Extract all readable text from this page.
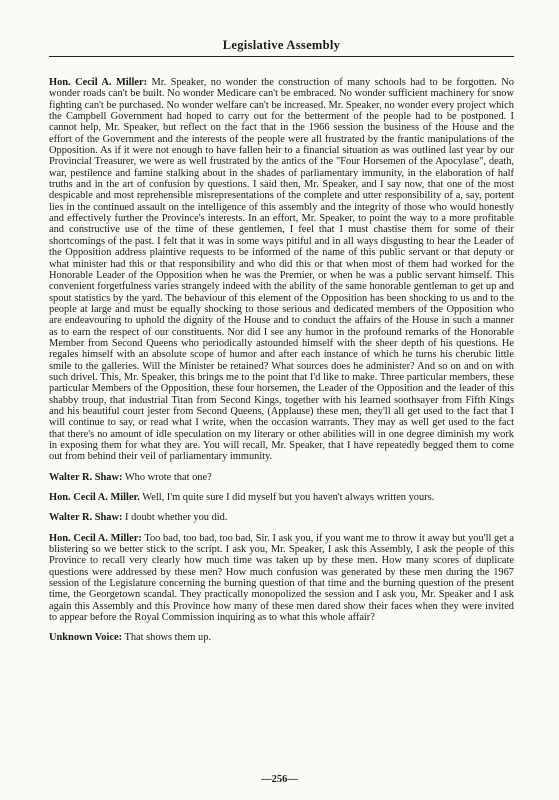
Legislative Assembly

Hon. Cecil A. Miller: Mr. Speaker, no wonder the construction of many schools had to be forgotten. No wonder roads can't be built. No wonder Medicare can't be embraced. No wonder sufficient machinery for snow fighting can't be purchased. No wonder welfare can't be increased. Mr. Speaker, no wonder every project which the Campbell Government had hoped to carry out for the betterment of the people had to be postponed. I cannot help, Mr. Speaker, but reflect on the fact that in the 1966 session the business of the House and the effort of the Government and the interests of the people were all frustrated by the frantic manipulations of the Opposition. As if it were not enough to have fallen heir to a financial situation as was outlined last year by our Provincial Treasurer, we were as well frustrated by the antics of the "Four Horsemen of the Apocylase", death, war, pestilence and famine stalking about in the shades of parliamentary immunity, in the elaboration of half truths and in the art of confusion by questions. I said then, Mr. Speaker, and I say now, that one of the most despicable and most reprehensible misrepresentations of the complete and utter responsibility of a, say, portent lies in the continued assault on the intelligence of this assembly and the integrity of those who would honestly and effectively further the Province's interests. In an effort, Mr. Speaker, to point the way to a more profitable and constructive use of the time of these gentlemen, I feel that I must chastise them for some of their shortcomings of the past. I felt that it was in some ways pitiful and in all ways disgusting to hear the Leader of the Opposition address plaintive requests to be informed of the name of this public servant or that deputy or what minister had this or that responsibility and who did this or that when most of them had worked for the Honorable Leader of the Opposition when he was the Premier, or when he was a public servant himself. This convenient forgetfulness varies strangely indeed with the ability of the same honorable gentleman to get up and spout statistics by the yard. The behaviour of this element of the Opposition has been shocking to us and to the people at large and must be equally shocking to those serious and dedicated members of the Opposition who are endeavouring to uphold the dignity of the House and to conduct the affairs of the House in such a manner as to earn the respect of our constituents. Nor did I see any humor in the profound remarks of the Honorable Member from Second Queens who periodically astounded himself with the sheer depth of his questions. He regales himself with an absolute scope of humor and after each instance of which he turns his cherubic little smile to the galleries. Will the Minister be retained? What sources does he administer? And so on and on with such drivel. This, Mr. Speaker, this brings me to the point that I'd like to make. Three particular members, these particular Members of the Opposition, these four horsemen, the Leader of the Opposition and the leader of this shabby troup, that industrial Titan from Second Kings, together with his learned soothsayer from Fifth Kings and his beautiful court jester from Second Queens, (Applause) these men, they'll all get used to the fact that I will continue to say, or read what I write, when the occasion warrants. They may as well get used to the fact that there's no amount of idle speculation on my literary or other abilities will in one degree diminish my work in exposing them for what they are. You will recall, Mr. Speaker, that I have repeatedly begged them to come out from behind their veil of parliamentary immunity.

Walter R. Shaw: Who wrote that one?

Hon. Cecil A. Miller. Well, I'm quite sure I did myself but you haven't always written yours.

Walter R. Shaw: I doubt whether you did.

Hon. Cecil A. Miller: Too bad, too bad, too bad, Sir. I ask you, if you want me to throw it away but you'll get a blistering so we better stick to the script. I ask you, Mr. Speaker, I ask this Assembly, I ask the people of this Province to recall very clearly how much time was taken up by these men. How many scores of duplicate questions were addressed by these men? How much confusion was generated by these men during the 1967 session of the Legislature concerning the burning question of that time and the burning question of the present time, the Georgetown scandal. They practically monopolized the session and I ask you, Mr. Speaker and I ask again this Assembly and this Province how many of these men dared show their faces when they were invited to appear before the Royal Commission inquiring as to what this whole affair?

Unknown Voice: That shows them up.

—256—
